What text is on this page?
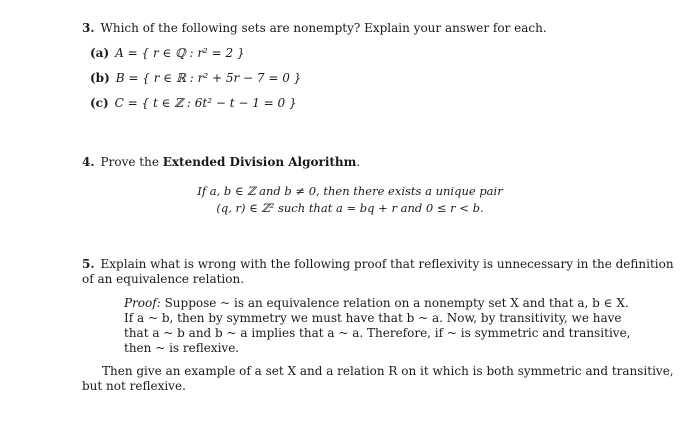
3. Which of the following sets are nonempty? Explain your answer for each.
(a) A = { r ∈ ℚ : r² = 2 }
(b) B = { r ∈ ℝ : r² + 5r − 7 = 0 }
(c) C = { t ∈ ℤ : 6t² − t − 1 = 0 }
4. Prove the Extended Division Algorithm.
If a, b ∈ ℤ and b ≠ 0, then there exists a unique pair
(q, r) ∈ ℤ² such that a = bq + r and 0 ≤ r < b.
5. Explain what is wrong with the following proof that reflexivity is unnecessary in the definition
of an equivalence relation.
Proof: Suppose ~ is an equivalence relation on a nonempty set X and that a, b ∈ X.
If a ~ b, then by symmetry we must have that b ~ a. Now, by transitivity, we have
that a ~ b and b ~ a implies that a ~ a. Therefore, if ~ is symmetric and transitive,
then ~ is reflexive.
Then give an example of a set X and a relation R on it which is both symmetric and transitive,
but not reflexive.
